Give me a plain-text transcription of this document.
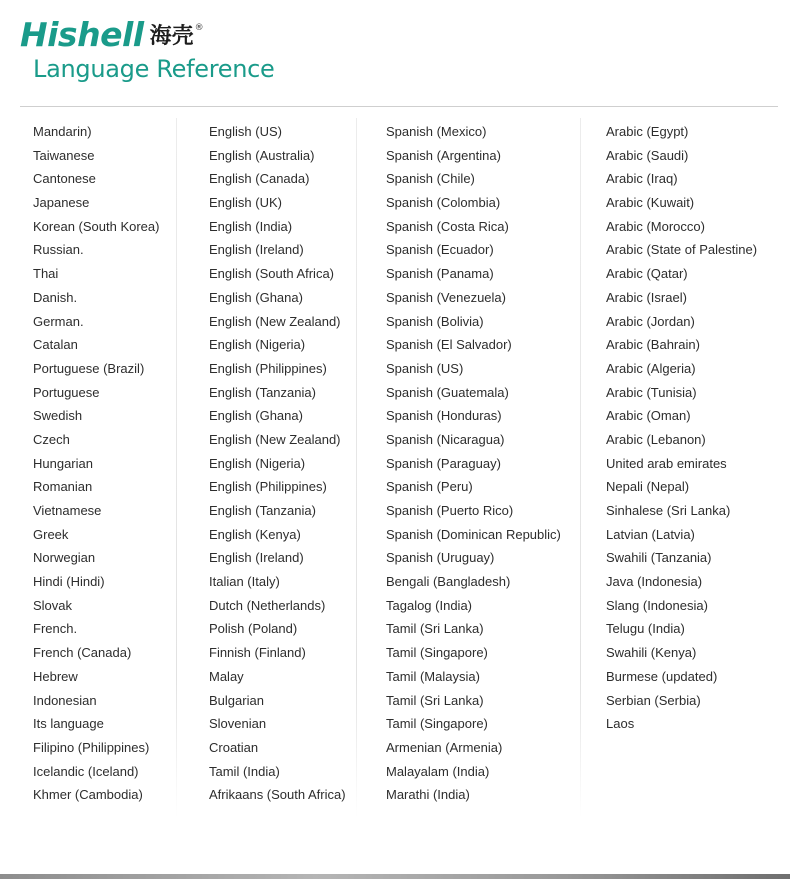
Hishell 海壳 ®
Language Reference
Mandarin)
Taiwanese
Cantonese
Japanese
Korean (South Korea)
Russian.
Thai
Danish.
German.
Catalan
Portuguese (Brazil)
Portuguese
Swedish
Czech
Hungarian
Romanian
Vietnamese
Greek
Norwegian
Hindi (Hindi)
Slovak
French.
French (Canada)
Hebrew
Indonesian
Its language
Filipino (Philippines)
Icelandic (Iceland)
Khmer (Cambodia)
English (US)
English (Australia)
English (Canada)
English (UK)
English (India)
English (Ireland)
English (South Africa)
English (Ghana)
English (New Zealand)
English (Nigeria)
English (Philippines)
English (Tanzania)
English (Ghana)
English (New Zealand)
English (Nigeria)
English (Philippines)
English (Tanzania)
English (Kenya)
English (Ireland)
Italian (Italy)
Dutch (Netherlands)
Polish (Poland)
Finnish (Finland)
Malay
Bulgarian
Slovenian
Croatian
Tamil (India)
Afrikaans (South Africa)
Spanish (Mexico)
Spanish (Argentina)
Spanish (Chile)
Spanish (Colombia)
Spanish (Costa Rica)
Spanish (Ecuador)
Spanish (Panama)
Spanish (Venezuela)
Spanish (Bolivia)
Spanish (El Salvador)
Spanish (US)
Spanish (Guatemala)
Spanish (Honduras)
Spanish (Nicaragua)
Spanish (Paraguay)
Spanish (Peru)
Spanish (Puerto Rico)
Spanish (Dominican Republic)
Spanish (Uruguay)
Bengali (Bangladesh)
Tagalog (India)
Tamil (Sri Lanka)
Tamil (Singapore)
Tamil (Malaysia)
Tamil (Sri Lanka)
Tamil (Singapore)
Armenian (Armenia)
Malayalam (India)
Marathi (India)
Arabic (Egypt)
Arabic (Saudi)
Arabic (Iraq)
Arabic (Kuwait)
Arabic (Morocco)
Arabic (State of Palestine)
Arabic (Qatar)
Arabic (Israel)
Arabic (Jordan)
Arabic (Bahrain)
Arabic (Algeria)
Arabic (Tunisia)
Arabic (Oman)
Arabic (Lebanon)
United arab emirates
Nepali (Nepal)
Sinhalese (Sri Lanka)
Latvian (Latvia)
Swahili (Tanzania)
Java (Indonesia)
Slang (Indonesia)
Telugu (India)
Swahili (Kenya)
Burmese (updated)
Serbian (Serbia)
Laos
